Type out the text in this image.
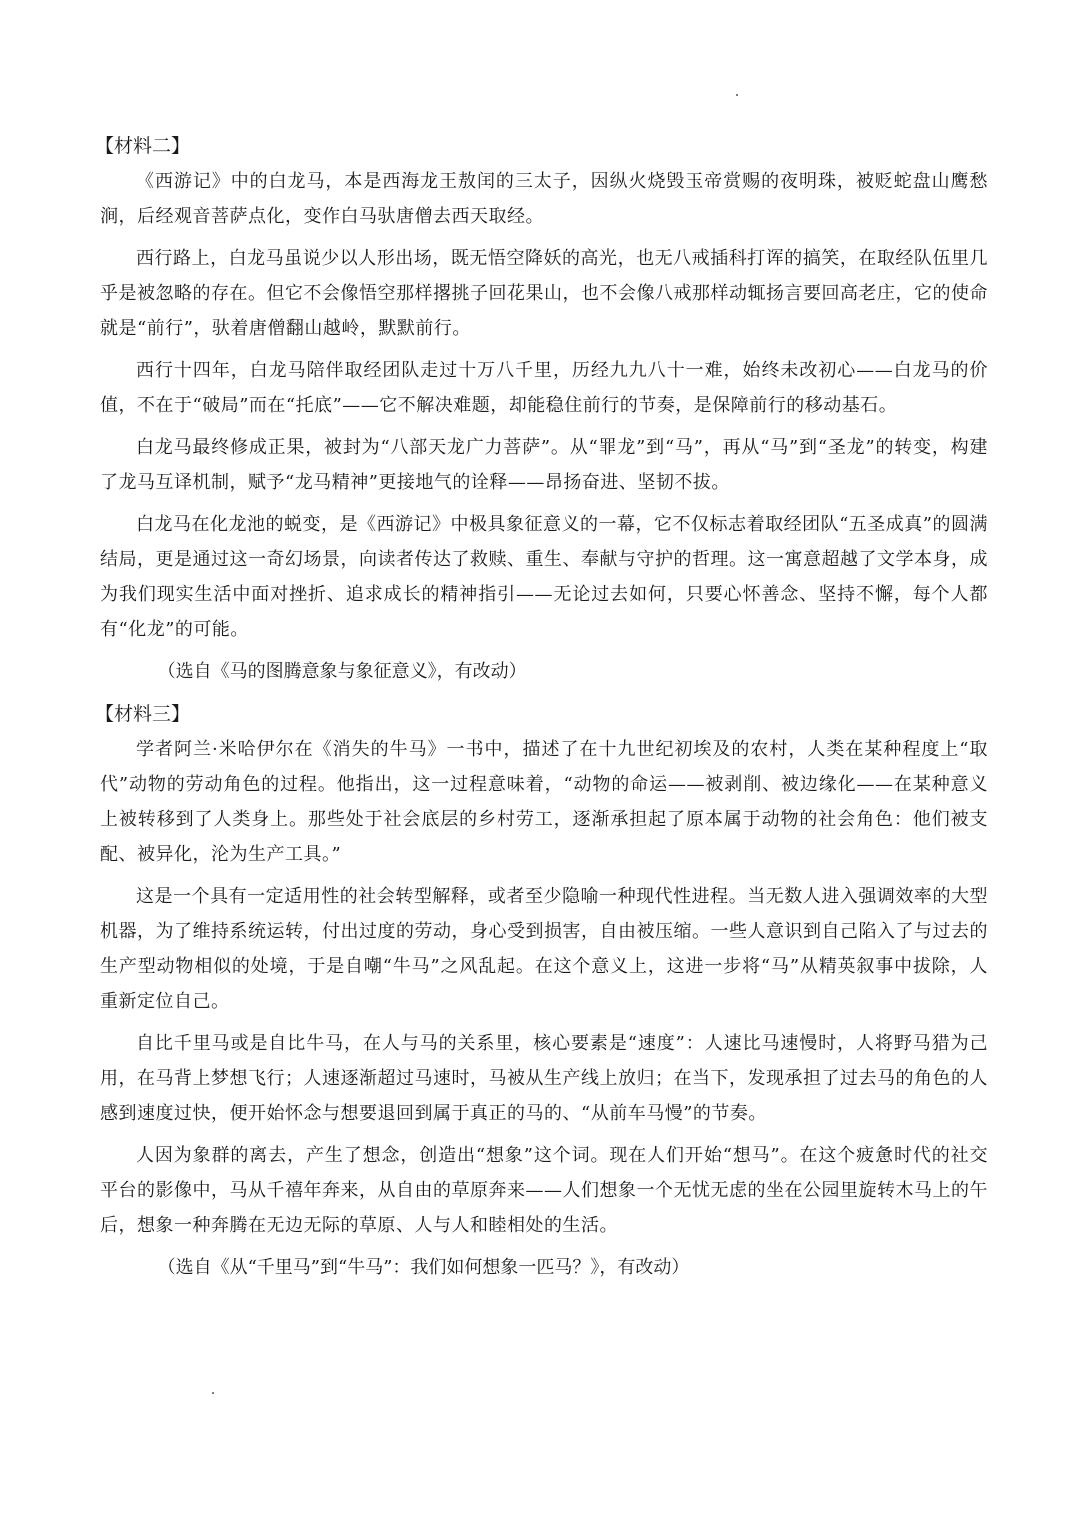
【材料二】

《西游记》中的白龙马，本是西海龙王敖闰的三太子，因纵火烧毁玉帝赏赐的夜明珠，被贬蛇盘山鹰愁涧，后经观音菩萨点化，变作白马驮唐僧去西天取经。

西行路上，白龙马虽说少以人形出场，既无悟空降妖的高光，也无八戒插科打诨的搞笑，在取经队伍里几乎是被忽略的存在。但它不会像悟空那样撂挑子回花果山，也不会像八戒那样动辄扬言要回高老庄，它的使命就是“前行”，驮着唐僧翻山越岭，默默前行。

西行十四年，白龙马陪伴取经团队走过十万八千里，历经九九八十一难，始终未改初心——白龙马的价值，不在于“破局”而在“托底”——它不解决难题，却能稳住前行的节奏，是保障前行的移动基石。

白龙马最终修成正果，被封为“八部天龙广力菩萨”。从“罪龙”到“马”，再从“马”到“圣龙”的转变，构建了龙马互译机制，赋予“龙马精神”更接地气的诠释——昂扬奋进、坚韧不拔。

白龙马在化龙池的蜕变，是《西游记》中极具象征意义的一幕，它不仅标志着取经团队“五圣成真”的圆满结局，更是通过这一奇幻场景，向读者传达了救赎、重生、奉献与守护的哲理。这一寓意超越了文学本身，成为我们现实生活中面对挫折、追求成长的精神指引——无论过去如何，只要心怀善念、坚持不懈，每个人都有“化龙”的可能。

（选自《马的图腾意象与象征意义》，有改动）
【材料三】

学者阿兰·米哈伊尔在《消失的牛马》一书中，描述了在十九世纪初埃及的农村，人类在某种程度上“取代”动物的劳动角色的过程。他指出，这一过程意味着，“动物的命运——被剥削、被边缘化——在某种意义上被转移到了人类身上。那些处于社会底层的乡村劳工，逐渐承担起了原本属于动物的社会角色：他们被支配、被异化，沦为生产工具。”

这是一个具有一定适用性的社会转型解释，或者至少隐喻一种现代性进程。当无数人进入强调效率的大型机器，为了维持系统运转，付出过度的劳动，身心受到损害，自由被压缩。一些人意识到自己陷入了与过去的生产型动物相似的处境，于是自嘲“牛马”之风乱起。在这个意义上，这进一步将“马”从精英叙事中拔除，人重新定位自己。

自比千里马或是自比牛马，在人与马的关系里，核心要素是“速度”：人速比马速慢时，人将野马猎为己用，在马背上梦想飞行；人速逐渐超过马速时，马被从生产线上放归；在当下，发现承担了过去马的角色的人感到速度过快，便开始怀念与想要退回到属于真正的马的、“从前车马慢”的节奏。

人因为象群的离去，产生了想念，创造出“想象”这个词。现在人们开始“想马”。在这个疲惫时代的社交平台的影像中，马从千禧年奔来，从自由的草原奔来——人们想象一个无忧无虑的坐在公园里旋转木马上的午后，想象一种奔腾在无边无际的草原、人与人和睦相处的生活。

（选自《从“千里马”到“牛马”：我们如何想象一匹马？》，有改动）
